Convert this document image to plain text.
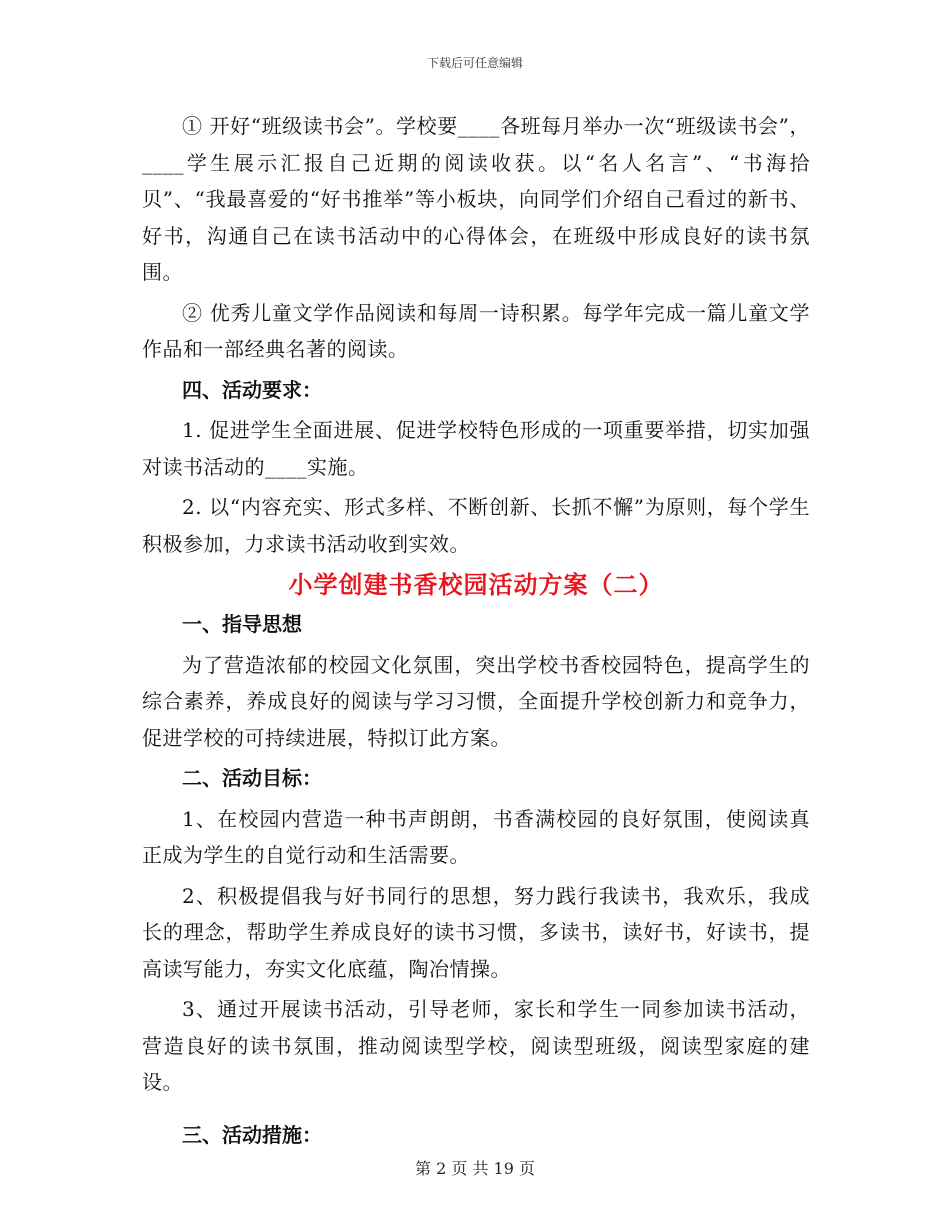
下载后可任意编辑

① 开好“班级读书会”。学校要____各班每月举办一次“班级读书会”，____学生展示汇报自己近期的阅读收获。以“名人名言”、“书海拾贝”、“我最喜爱的“好书推举”等小板块，向同学们介绍自己看过的新书、好书，沟通自己在读书活动中的心得体会，在班级中形成良好的读书氛围。

② 优秀儿童文学作品阅读和每周一诗积累。每学年完成一篇儿童文学作品和一部经典名著的阅读。

四、活动要求：

1. 促进学生全面进展、促进学校特色形成的一项重要举措，切实加强对读书活动的____实施。

2. 以“内容充实、形式多样、不断创新、长抓不懈”为原则，每个学生积极参加，力求读书活动收到实效。

小学创建书香校园活动方案（二）

一、指导思想

为了营造浓郁的校园文化氛围，突出学校书香校园特色，提高学生的综合素养，养成良好的阅读与学习习惯，全面提升学校创新力和竞争力，促进学校的可持续进展，特拟订此方案。

二、活动目标：

1、在校园内营造一种书声朗朗，书香满校园的良好氛围，使阅读真正成为学生的自觉行动和生活需要。

2、积极提倡我与好书同行的思想，努力践行我读书，我欢乐，我成长的理念，帮助学生养成良好的读书习惯，多读书，读好书，好读书，提高读写能力，夯实文化底蕴，陶冶情操。

3、通过开展读书活动，引导老师，家长和学生一同参加读书活动，营造良好的读书氛围，推动阅读型学校，阅读型班级，阅读型家庭的建设。

三、活动措施：

第 2 页 共 19 页
